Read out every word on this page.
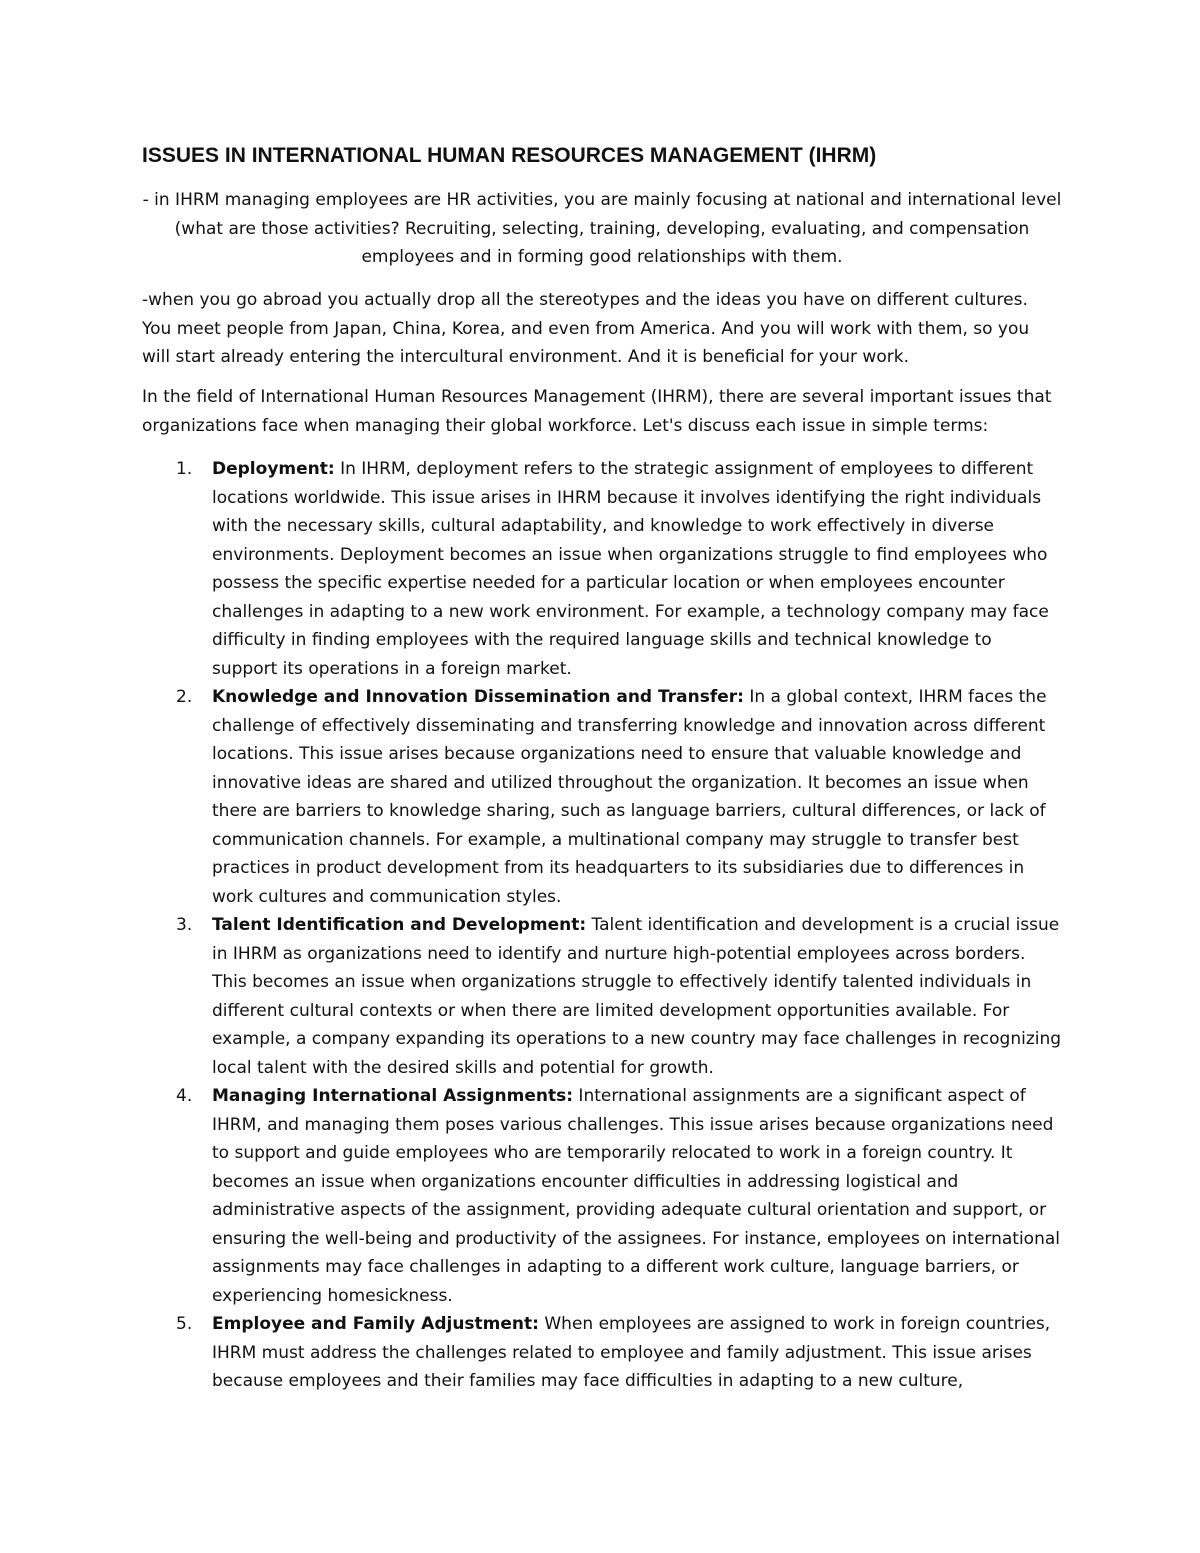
ISSUES IN INTERNATIONAL HUMAN RESOURCES MANAGEMENT (IHRM)

- in IHRM managing employees are HR activities, you are mainly focusing at national and international level (what are those activities? Recruiting, selecting, training, developing, evaluating, and compensation employees and in forming good relationships with them.

-when you go abroad you actually drop all the stereotypes and the ideas you have on different cultures. You meet people from Japan, China, Korea, and even from America. And you will work with them, so you will start already entering the intercultural environment. And it is beneficial for your work.

In the field of International Human Resources Management (IHRM), there are several important issues that organizations face when managing their global workforce. Let's discuss each issue in simple terms:

1. Deployment: In IHRM, deployment refers to the strategic assignment of employees to different locations worldwide. This issue arises in IHRM because it involves identifying the right individuals with the necessary skills, cultural adaptability, and knowledge to work effectively in diverse environments. Deployment becomes an issue when organizations struggle to find employees who possess the specific expertise needed for a particular location or when employees encounter challenges in adapting to a new work environment. For example, a technology company may face difficulty in finding employees with the required language skills and technical knowledge to support its operations in a foreign market.
2. Knowledge and Innovation Dissemination and Transfer: In a global context, IHRM faces the challenge of effectively disseminating and transferring knowledge and innovation across different locations. This issue arises because organizations need to ensure that valuable knowledge and innovative ideas are shared and utilized throughout the organization. It becomes an issue when there are barriers to knowledge sharing, such as language barriers, cultural differences, or lack of communication channels. For example, a multinational company may struggle to transfer best practices in product development from its headquarters to its subsidiaries due to differences in work cultures and communication styles.
3. Talent Identification and Development: Talent identification and development is a crucial issue in IHRM as organizations need to identify and nurture high-potential employees across borders. This becomes an issue when organizations struggle to effectively identify talented individuals in different cultural contexts or when there are limited development opportunities available. For example, a company expanding its operations to a new country may face challenges in recognizing local talent with the desired skills and potential for growth.
4. Managing International Assignments: International assignments are a significant aspect of IHRM, and managing them poses various challenges. This issue arises because organizations need to support and guide employees who are temporarily relocated to work in a foreign country. It becomes an issue when organizations encounter difficulties in addressing logistical and administrative aspects of the assignment, providing adequate cultural orientation and support, or ensuring the well-being and productivity of the assignees. For instance, employees on international assignments may face challenges in adapting to a different work culture, language barriers, or experiencing homesickness.
5. Employee and Family Adjustment: When employees are assigned to work in foreign countries, IHRM must address the challenges related to employee and family adjustment. This issue arises because employees and their families may face difficulties in adapting to a new culture,
